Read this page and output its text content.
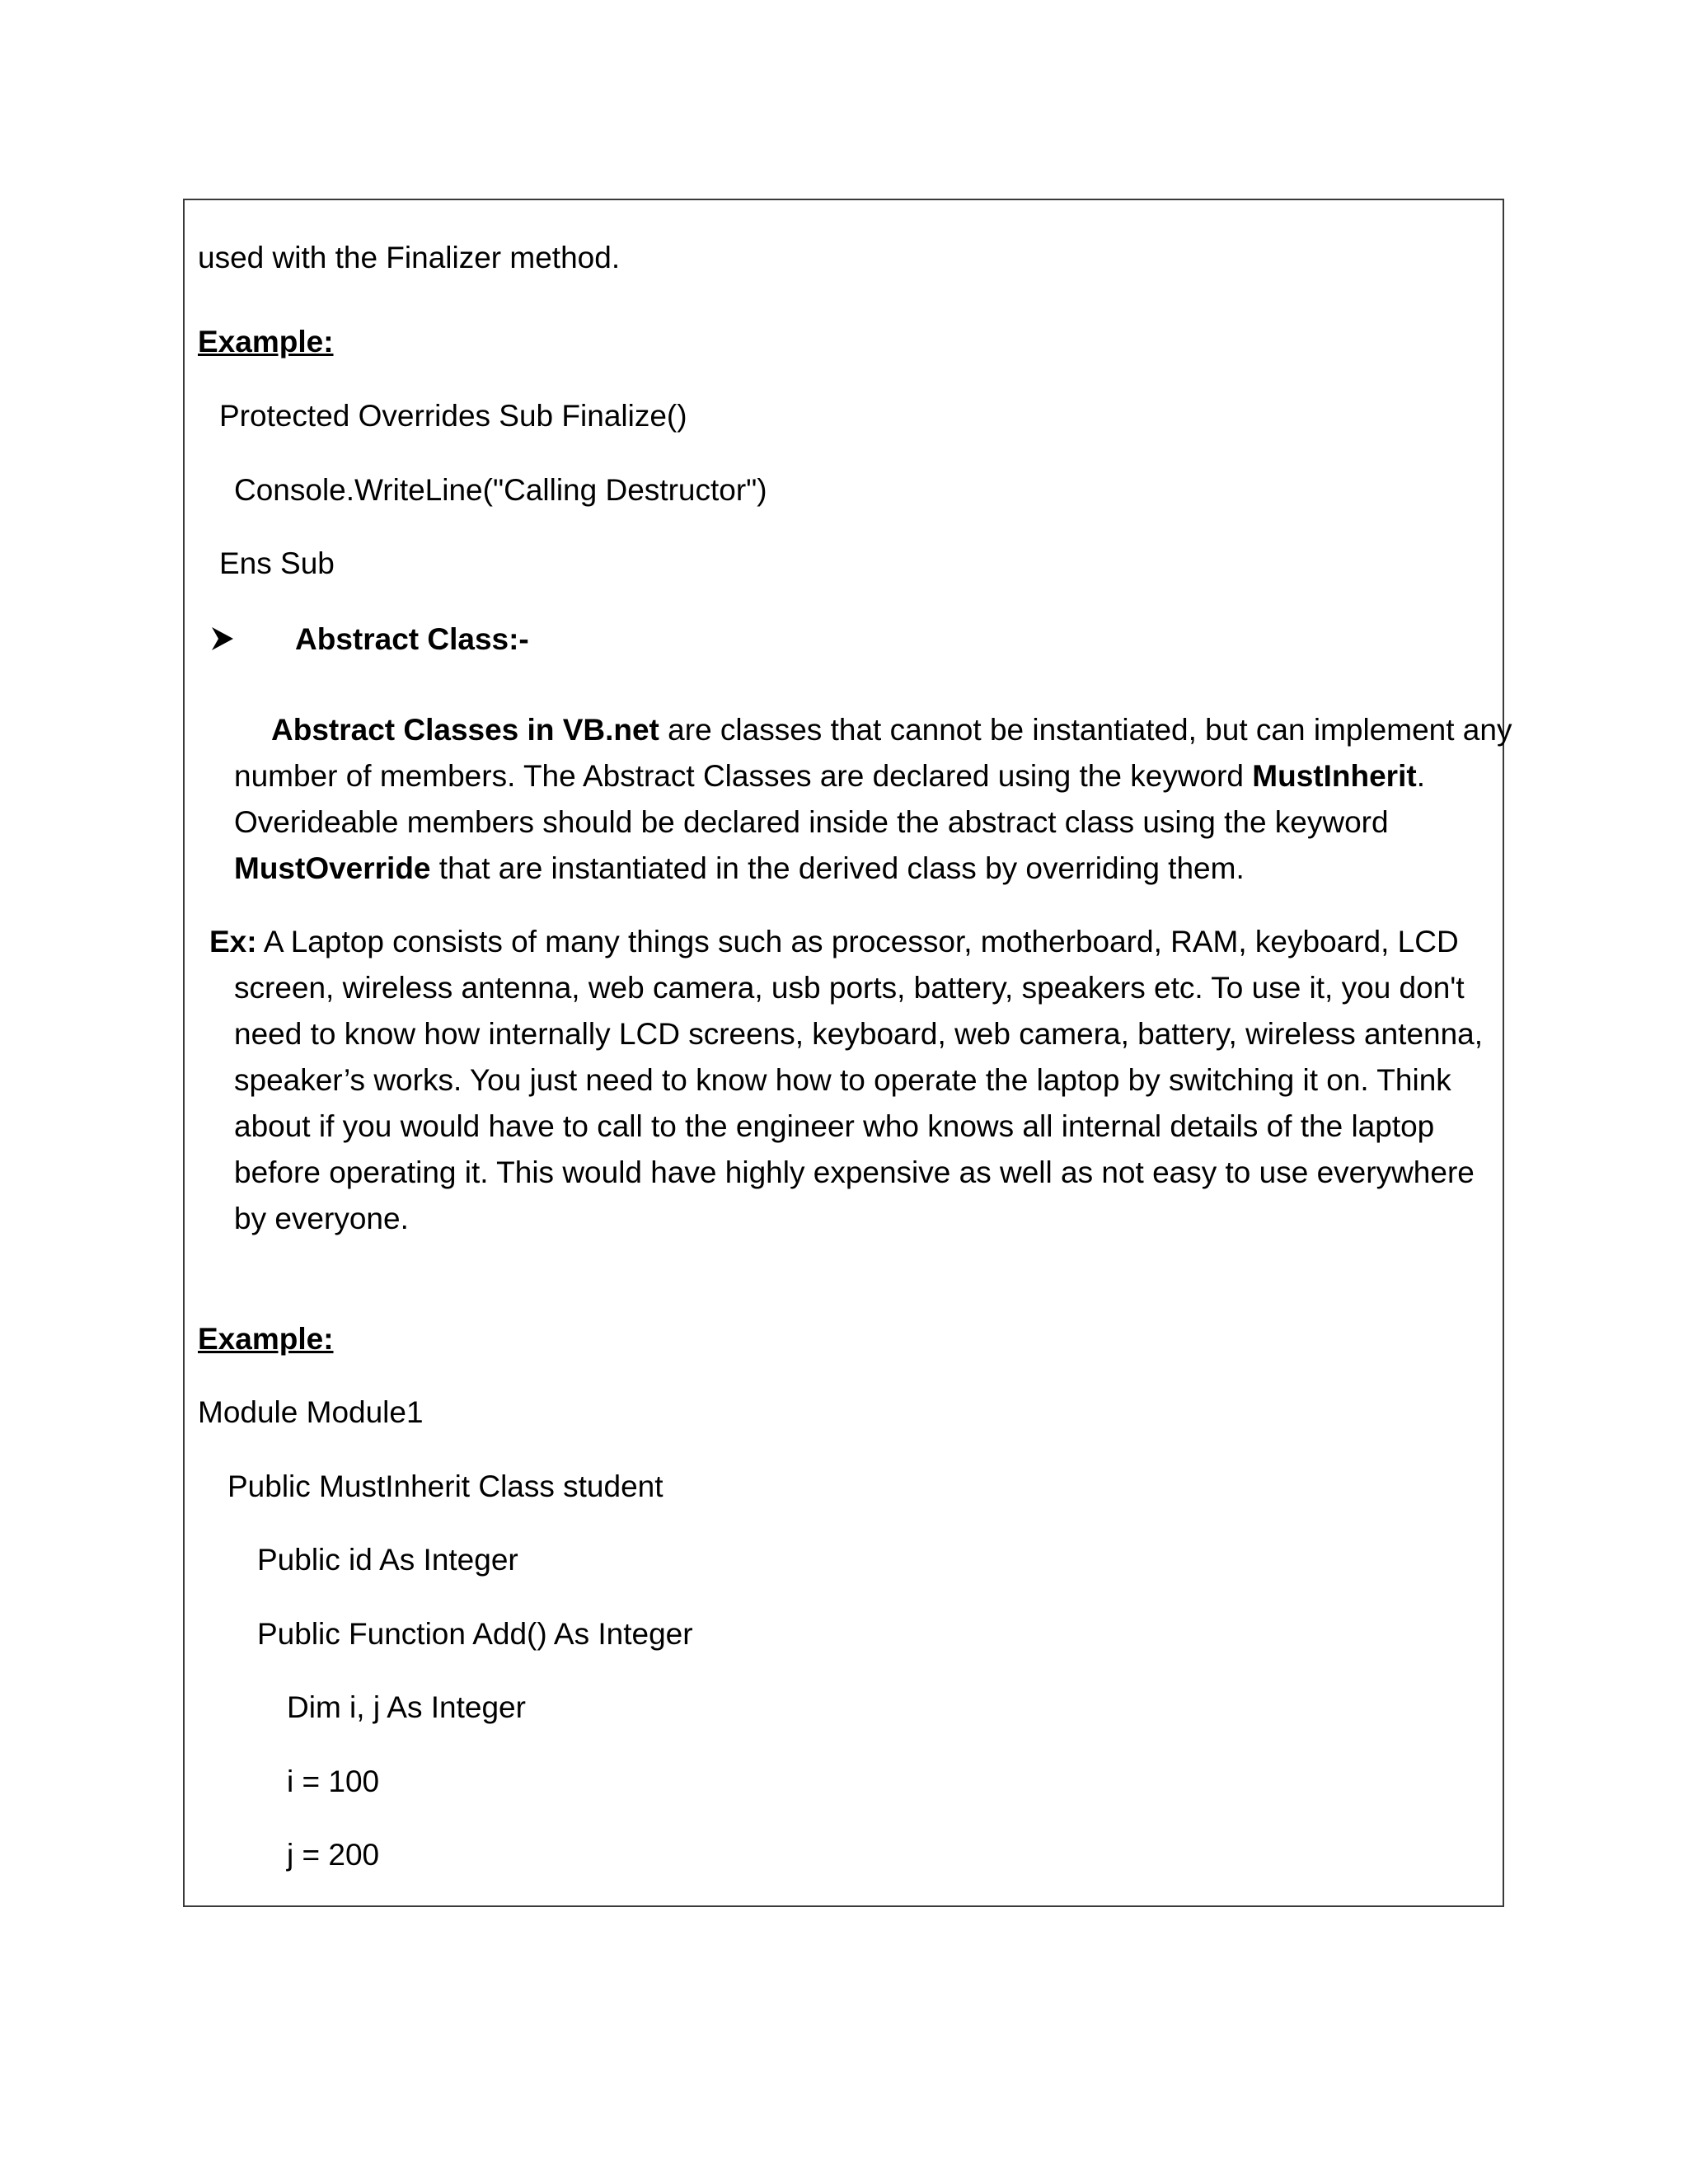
used with the Finalizer method.

Example:

Protected Overrides Sub Finalize()

Console.WriteLine("Calling Destructor")

Ens Sub

Abstract Class:-

Abstract Classes in VB.net are classes that cannot be instantiated, but can implement any

number of members. The Abstract Classes are declared using the keyword MustInherit.

Overideable members should be declared inside the abstract class using the keyword

MustOverride that are instantiated in the derived class by overriding them.

Ex: A Laptop consists of many things such as processor, motherboard, RAM, keyboard, LCD

screen, wireless antenna, web camera, usb ports, battery, speakers etc. To use it, you don't

need to know how internally LCD screens, keyboard, web camera, battery, wireless antenna,

speaker’s works. You just need to know how to operate the laptop by switching it on. Think

about if you would have to call to the engineer who knows all internal details of the laptop

before operating it. This would have highly expensive as well as not easy to use everywhere

by everyone.

Example:

Module Module1

Public MustInherit Class student

Public id As Integer

Public Function Add() As Integer

Dim i, j As Integer

i = 100

j = 200
